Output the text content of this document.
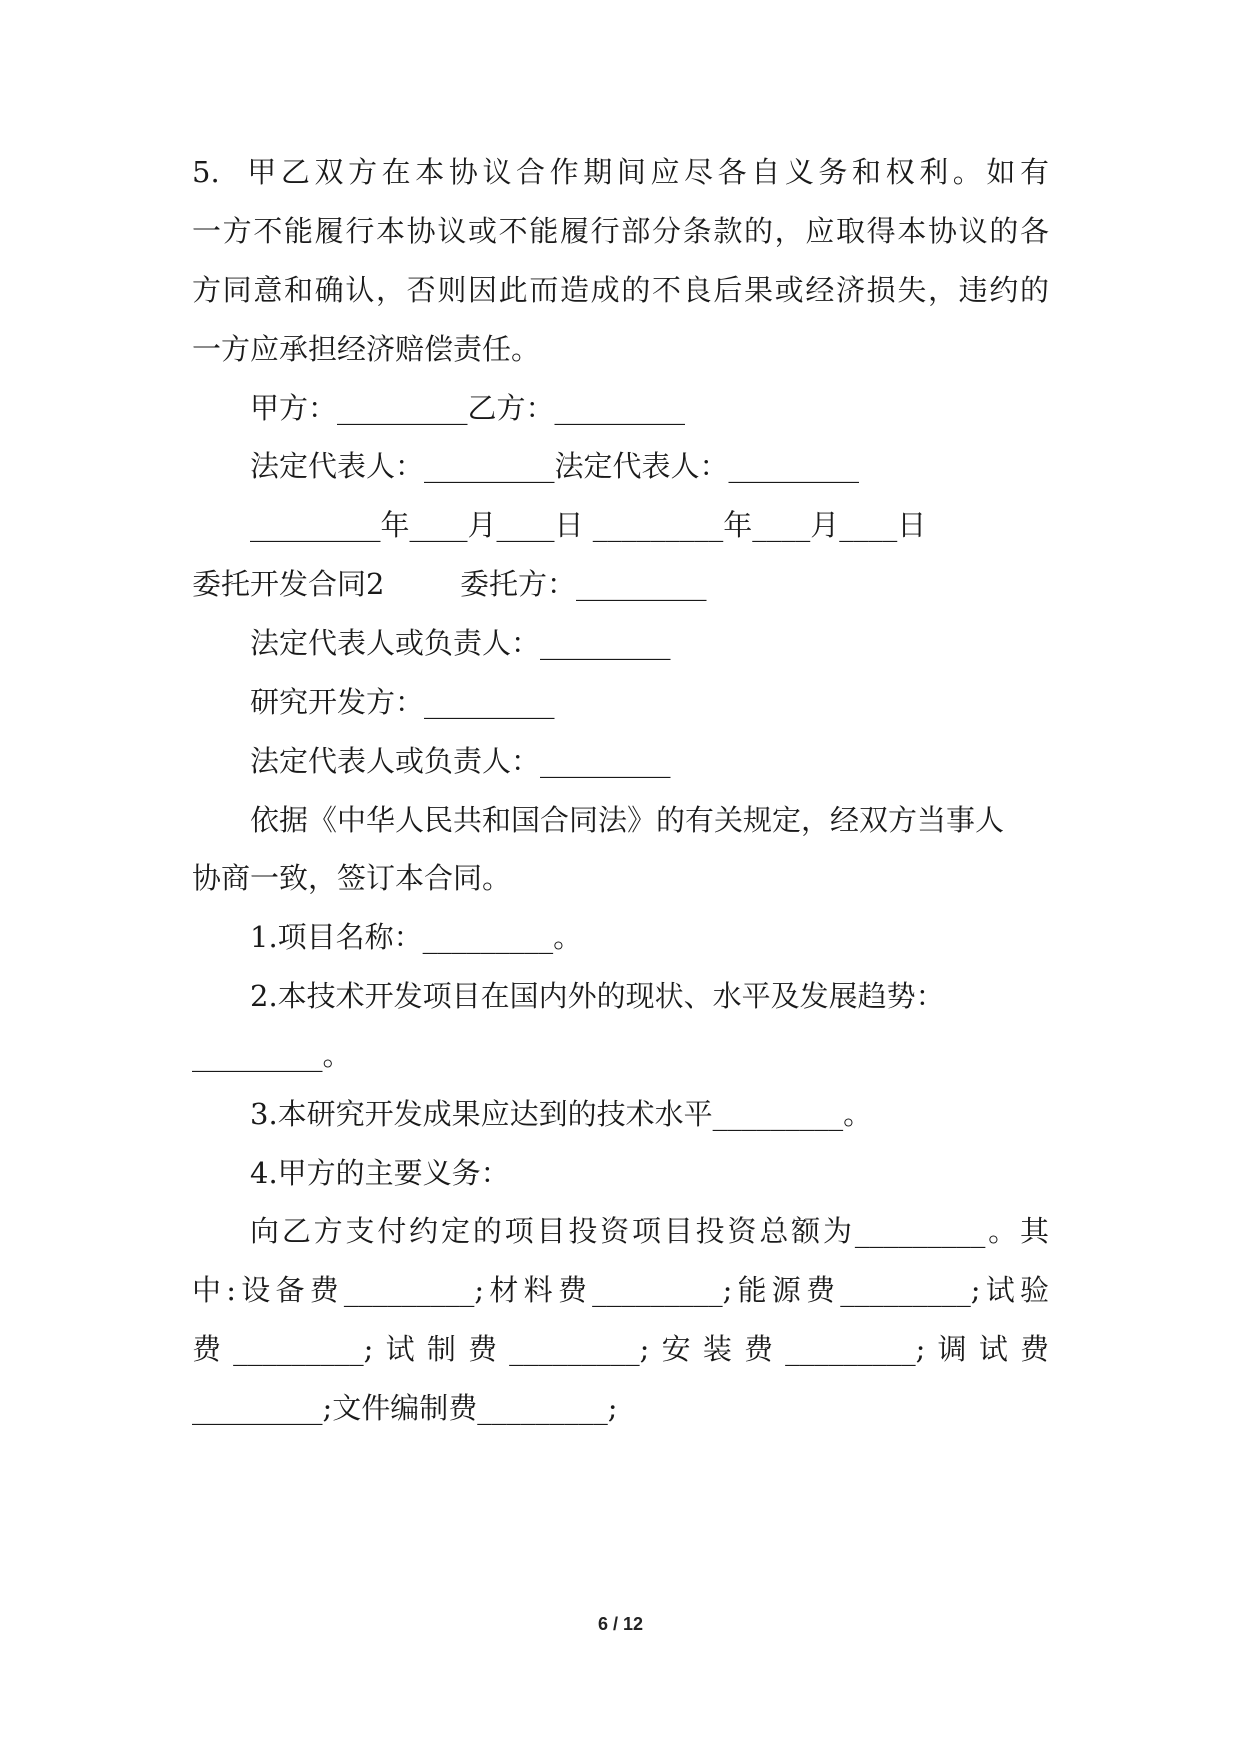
5.  甲乙双方在本协议合作期间应尽各自义务和权利。如有
一方不能履行本协议或不能履行部分条款的，应取得本协议的各
方同意和确认，否则因此而造成的不良后果或经济损失，违约的
一方应承担经济赔偿责任。
甲方：_________乙方：_________
法定代表人：_________法定代表人：_________
_________年____月____日 _________年____月____日
委托开发合同2	委托方：_________
法定代表人或负责人：_________
研究开发方：_________
法定代表人或负责人：_________
依据《中华人民共和国合同法》的有关规定，经双方当事人
协商一致，签订本合同。
1.项目名称：_________。
2.本技术开发项目在国内外的现状、水平及发展趋势：
_________。
3.本研究开发成果应达到的技术水平_________。
4.甲方的主要义务：
向乙方支付约定的项目投资项目投资总额为_________。其
中:设备费_________;材料费_________;能源费_________;试验
费_________;试制费_________;安装费_________;调试费
_________;文件编制费_________;
6 / 12
